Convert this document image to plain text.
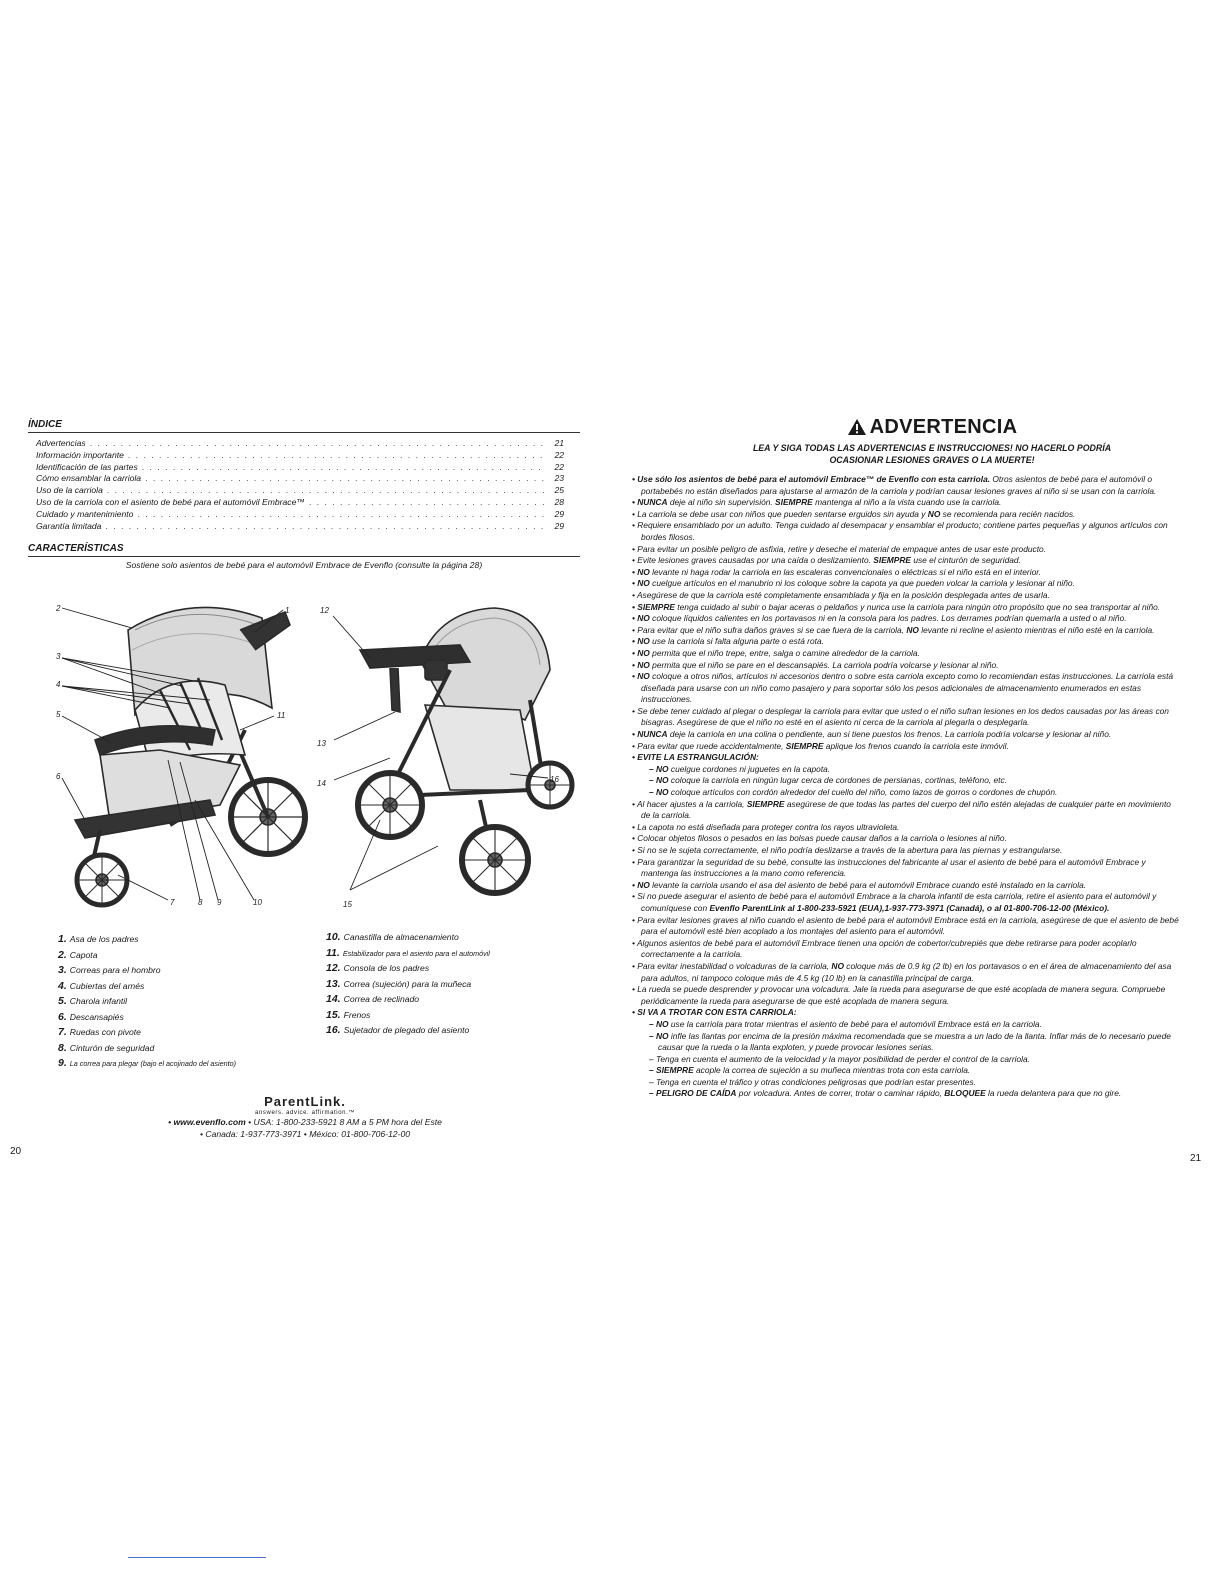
ÍNDICE
Advertencias . . .	21
Información importante . . .	22
Identificación de las partes . . .	22
Cómo ensamblar la carriola . . .	23
Uso de la carriola . . .	25
Uso de la carriola con el asiento de bebé para el automóvil Embrace™ . . .	28
Cuidado y mantenimiento . . .	29
Garantía limitada . . .	29
CARACTERÍSTICAS
Sostiene solo asientos de bebé para el automóvil Embrace de Evenflo (consulte la página 28)
2	1
3
4
5	11
6
7	8 9	10
12
13
14
15
16
1. Asa de los padres
2. Capota
3. Correas para el hombro
4. Cubiertas del arnés
5. Charola infantil
6. Descansapiés
7. Ruedas con pivote
8. Cinturón de seguridad
9. La correa para plegar (bajo el acojinado del asiento)
10. Canastilla de almacenamiento
11. Estabilizador para el asiento para el automóvil
12. Consola de los padres
13. Correa (sujeción) para la muñeca
14. Correa de reclinado
15. Frenos
16. Sujetador de plegado del asiento
ParentLink.
answers. advice. affirmation.™
• www.evenflo.com • USA: 1-800-233-5921 8 AM a 5 PM hora del Este
• Canada: 1-937-773-3971 • México: 01-800-706-12-00
20
ADVERTENCIA
LEA Y SIGA TODAS LAS ADVERTENCIAS E INSTRUCCIONES! NO HACERLO PODRÍA
OCASIONAR LESIONES GRAVES O LA MUERTE!
• Use sólo los asientos de bebé para el automóvil Embrace™ de Evenflo con esta carriola. Otros asientos de bebé para el automóvil o portabebés no están diseñados para ajustarse al armazón de la carriola y podrían causar lesiones graves al niño si se usan con la carriola.
• NUNCA deje al niño sin supervisión. SIEMPRE mantenga al niño a la vista cuando use la carriola.
• La carriola se debe usar con niños que pueden sentarse erguidos sin ayuda y NO se recomienda para recién nacidos.
• Requiere ensamblado por un adulto. Tenga cuidado al desempacar y ensamblar el producto; contiene partes pequeñas y algunos artículos con bordes filosos.
• Para evitar un posible peligro de asfixia, retire y deseche el material de empaque antes de usar este producto.
• Evite lesiones graves causadas por una caída o deslizamiento. SIEMPRE use el cinturón de seguridad.
• NO levante ni haga rodar la carriola en las escaleras convencionales o eléctricas si el niño está en el interior.
• NO cuelgue artículos en el manubrio ni los coloque sobre la capota ya que pueden volcar la carriola y lesionar al niño.
• Asegúrese de que la carriola esté completamente ensamblada y fija en la posición desplegada antes de usarla.
• SIEMPRE tenga cuidado al subir o bajar aceras o peldaños y nunca use la carriola para ningún otro propósito que no sea transportar al niño.
• NO coloque líquidos calientes en los portavasos ni en la consola para los padres. Los derrames podrían quemarla a usted o al niño.
• Para evitar que el niño sufra daños graves si se cae fuera de la carriola, NO levante ni recline el asiento mientras el niño esté en la carriola.
• NO use la carriola si falta alguna parte o está rota.
• NO permita que el niño trepe, entre, salga o camine alrededor de la carriola.
• NO permita que el niño se pare en el descansapiés. La carriola podría volcarse y lesionar al niño.
• NO coloque a otros niños, artículos ni accesorios dentro o sobre esta carriola excepto como lo recomiendan estas instrucciones. La carriola está diseñada para usarse con un niño como pasajero y para soportar sólo los pesos adicionales de almacenamiento enumerados en estas instrucciones.
• Se debe tener cuidado al plegar o desplegar la carriola para evitar que usted o el niño sufran lesiones en los dedos causadas por las áreas con bisagras. Asegúrese de que el niño no esté en el asiento ni cerca de la carriola al plegarla o desplegarla.
• NUNCA deje la carriola en una colina o pendiente, aun si tiene puestos los frenos. La carriola podría volcarse y lesionar al niño.
• Para evitar que ruede accidentalmente, SIEMPRE aplique los frenos cuando la carriola este inmóvil.
• EVITE LA ESTRANGULACIÓN:
– NO cuelgue cordones ni juguetes en la capota.
– NO coloque la carriola en ningún lugar cerca de cordones de persianas, cortinas, teléfono, etc.
– NO coloque artículos con cordón alrededor del cuello del niño, como lazos de gorros o cordones de chupón.
• Al hacer ajustes a la carriola, SIEMPRE asegúrese de que todas las partes del cuerpo del niño estén alejadas de cualquier parte en movimiento de la carriola.
• La capota no está diseñada para proteger contra los rayos ultravioleta.
• Colocar objetos filosos o pesados en las bolsas puede causar daños a la carriola o lesiones al niño.
• Si no se le sujeta correctamente, el niño podría deslizarse a través de la abertura para las piernas y estrangularse.
• Para garantizar la seguridad de su bebé, consulte las instrucciones del fabricante al usar el asiento de bebé para el automóvil Embrace y mantenga las instrucciones a la mano como referencia.
• NO levante la carriola usando el asa del asiento de bebé para el automóvil Embrace cuando esté instalado en la carriola.
• Si no puede asegurar el asiento de bebé para el automóvil Embrace a la charola infantil de esta carriola, retire el asiento para el automóvil y comuníquese con Evenflo ParentLink al 1-800-233-5921 (EUA),1-937-773-3971 (Canadá), o al 01-800-706-12-00 (México).
• Para evitar lesiones graves al niño cuando el asiento de bebé para el automóvil Embrace está en la carriola, asegúrese de que el asiento de bebé para el automóvil esté bien acoplado a los montajes del asiento para el automóvil.
• Algunos asientos de bebé para el automóvil Embrace tienen una opción de cobertor/cubrepiés que debe retirarse para poder acoplarlo correctamente a la carriola.
• Para evitar inestabilidad o volcaduras de la carriola, NO coloque más de 0.9 kg (2 lb) en los portavasos o en el área de almacenamiento del asa para adultos, ni tampoco coloque más de 4.5 kg (10 lb) en la canastilla principal de carga.
• La rueda se puede desprender y provocar una volcadura. Jale la rueda para asegurarse de que esté acoplada de manera segura. Compruebe periódicamente la rueda para asegurarse de que esté acoplada de manera segura.
• SI VA A TROTAR CON ESTA CARRIOLA:
– NO use la carriola para trotar mientras el asiento de bebé para el automóvil Embrace está en la carriola.
– NO infle las llantas por encima de la presión máxima recomendada que se muestra a un lado de la llanta. Inflar más de lo necesario puede causar que la rueda o la llanta exploten, y puede provocar lesiones serias.
– Tenga en cuenta el aumento de la velocidad y la mayor posibilidad de perder el control de la carriola.
– SIEMPRE acople la correa de sujeción a su muñeca mientras trota con esta carriola.
– Tenga en cuenta el tráfico y otras condiciones peligrosas que podrían estar presentes.
– PELIGRO DE CAÍDA por volcadura. Antes de correr, trotar o caminar rápido, BLOQUEE la rueda delantera para que no gire.
21
